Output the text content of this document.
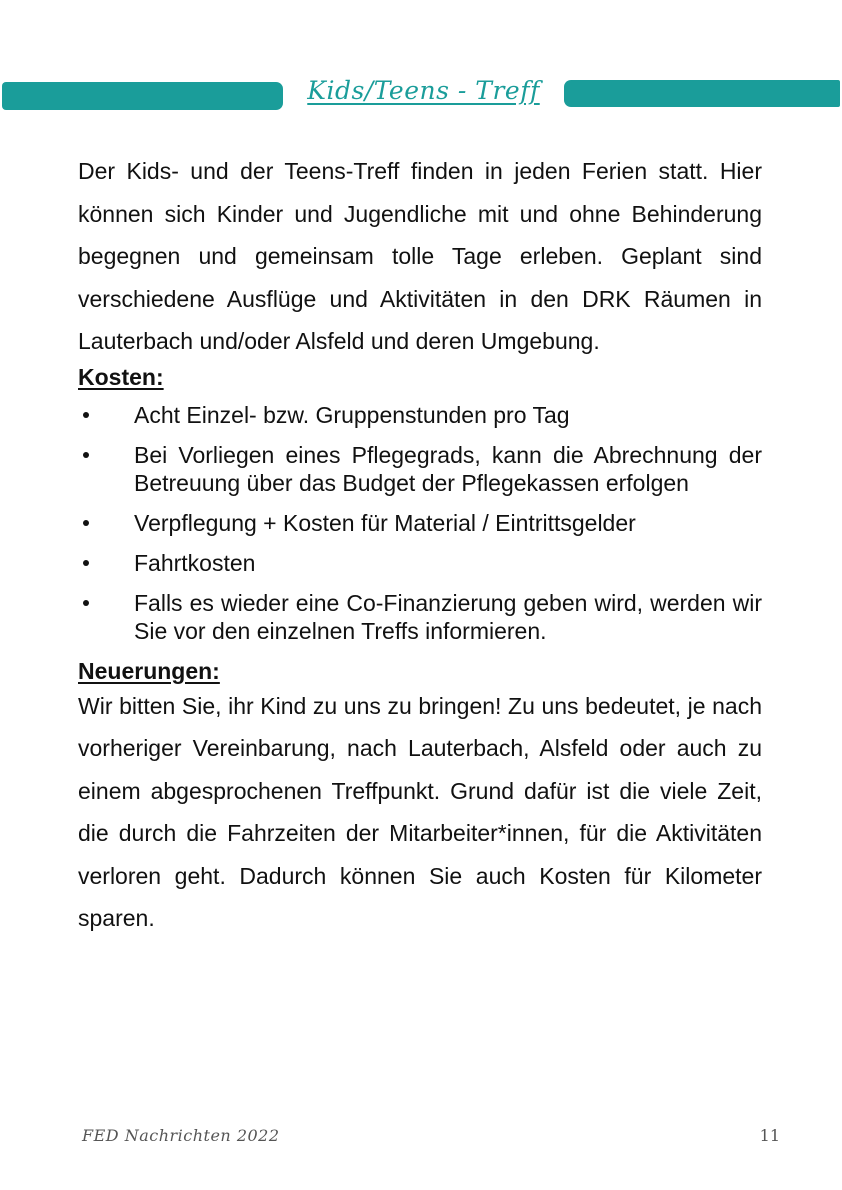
Kids/Teens - Treff

Der Kids- und der Teens-Treff finden in jeden Ferien statt. Hier können sich Kinder und Jugendliche mit und ohne Behinderung begegnen und gemeinsam tolle Tage erleben. Geplant sind verschiedene Ausflüge und Aktivitäten in den DRK Räumen in Lauterbach und/oder Alsfeld und deren Umgebung.

Kosten:
Acht Einzel- bzw. Gruppenstunden pro Tag
Bei Vorliegen eines Pflegegrads, kann die Abrechnung der Betreuung über das Budget der Pflegekassen erfolgen
Verpflegung + Kosten für Material / Eintrittsgelder
Fahrtkosten
Falls es wieder eine Co-Finanzierung geben wird, werden wir Sie vor den einzelnen Treffs informieren.
Neuerungen:

Wir bitten Sie, ihr Kind zu uns zu bringen! Zu uns bedeutet, je nach vorheriger Vereinbarung, nach Lauterbach, Alsfeld oder auch zu einem abgesprochenen Treffpunkt. Grund dafür ist die viele Zeit, die durch die Fahrzeiten der Mitarbeiter*innen, für die Aktivitäten verloren geht. Dadurch können Sie auch Kosten für Kilometer sparen.

FED Nachrichten 2022	11
